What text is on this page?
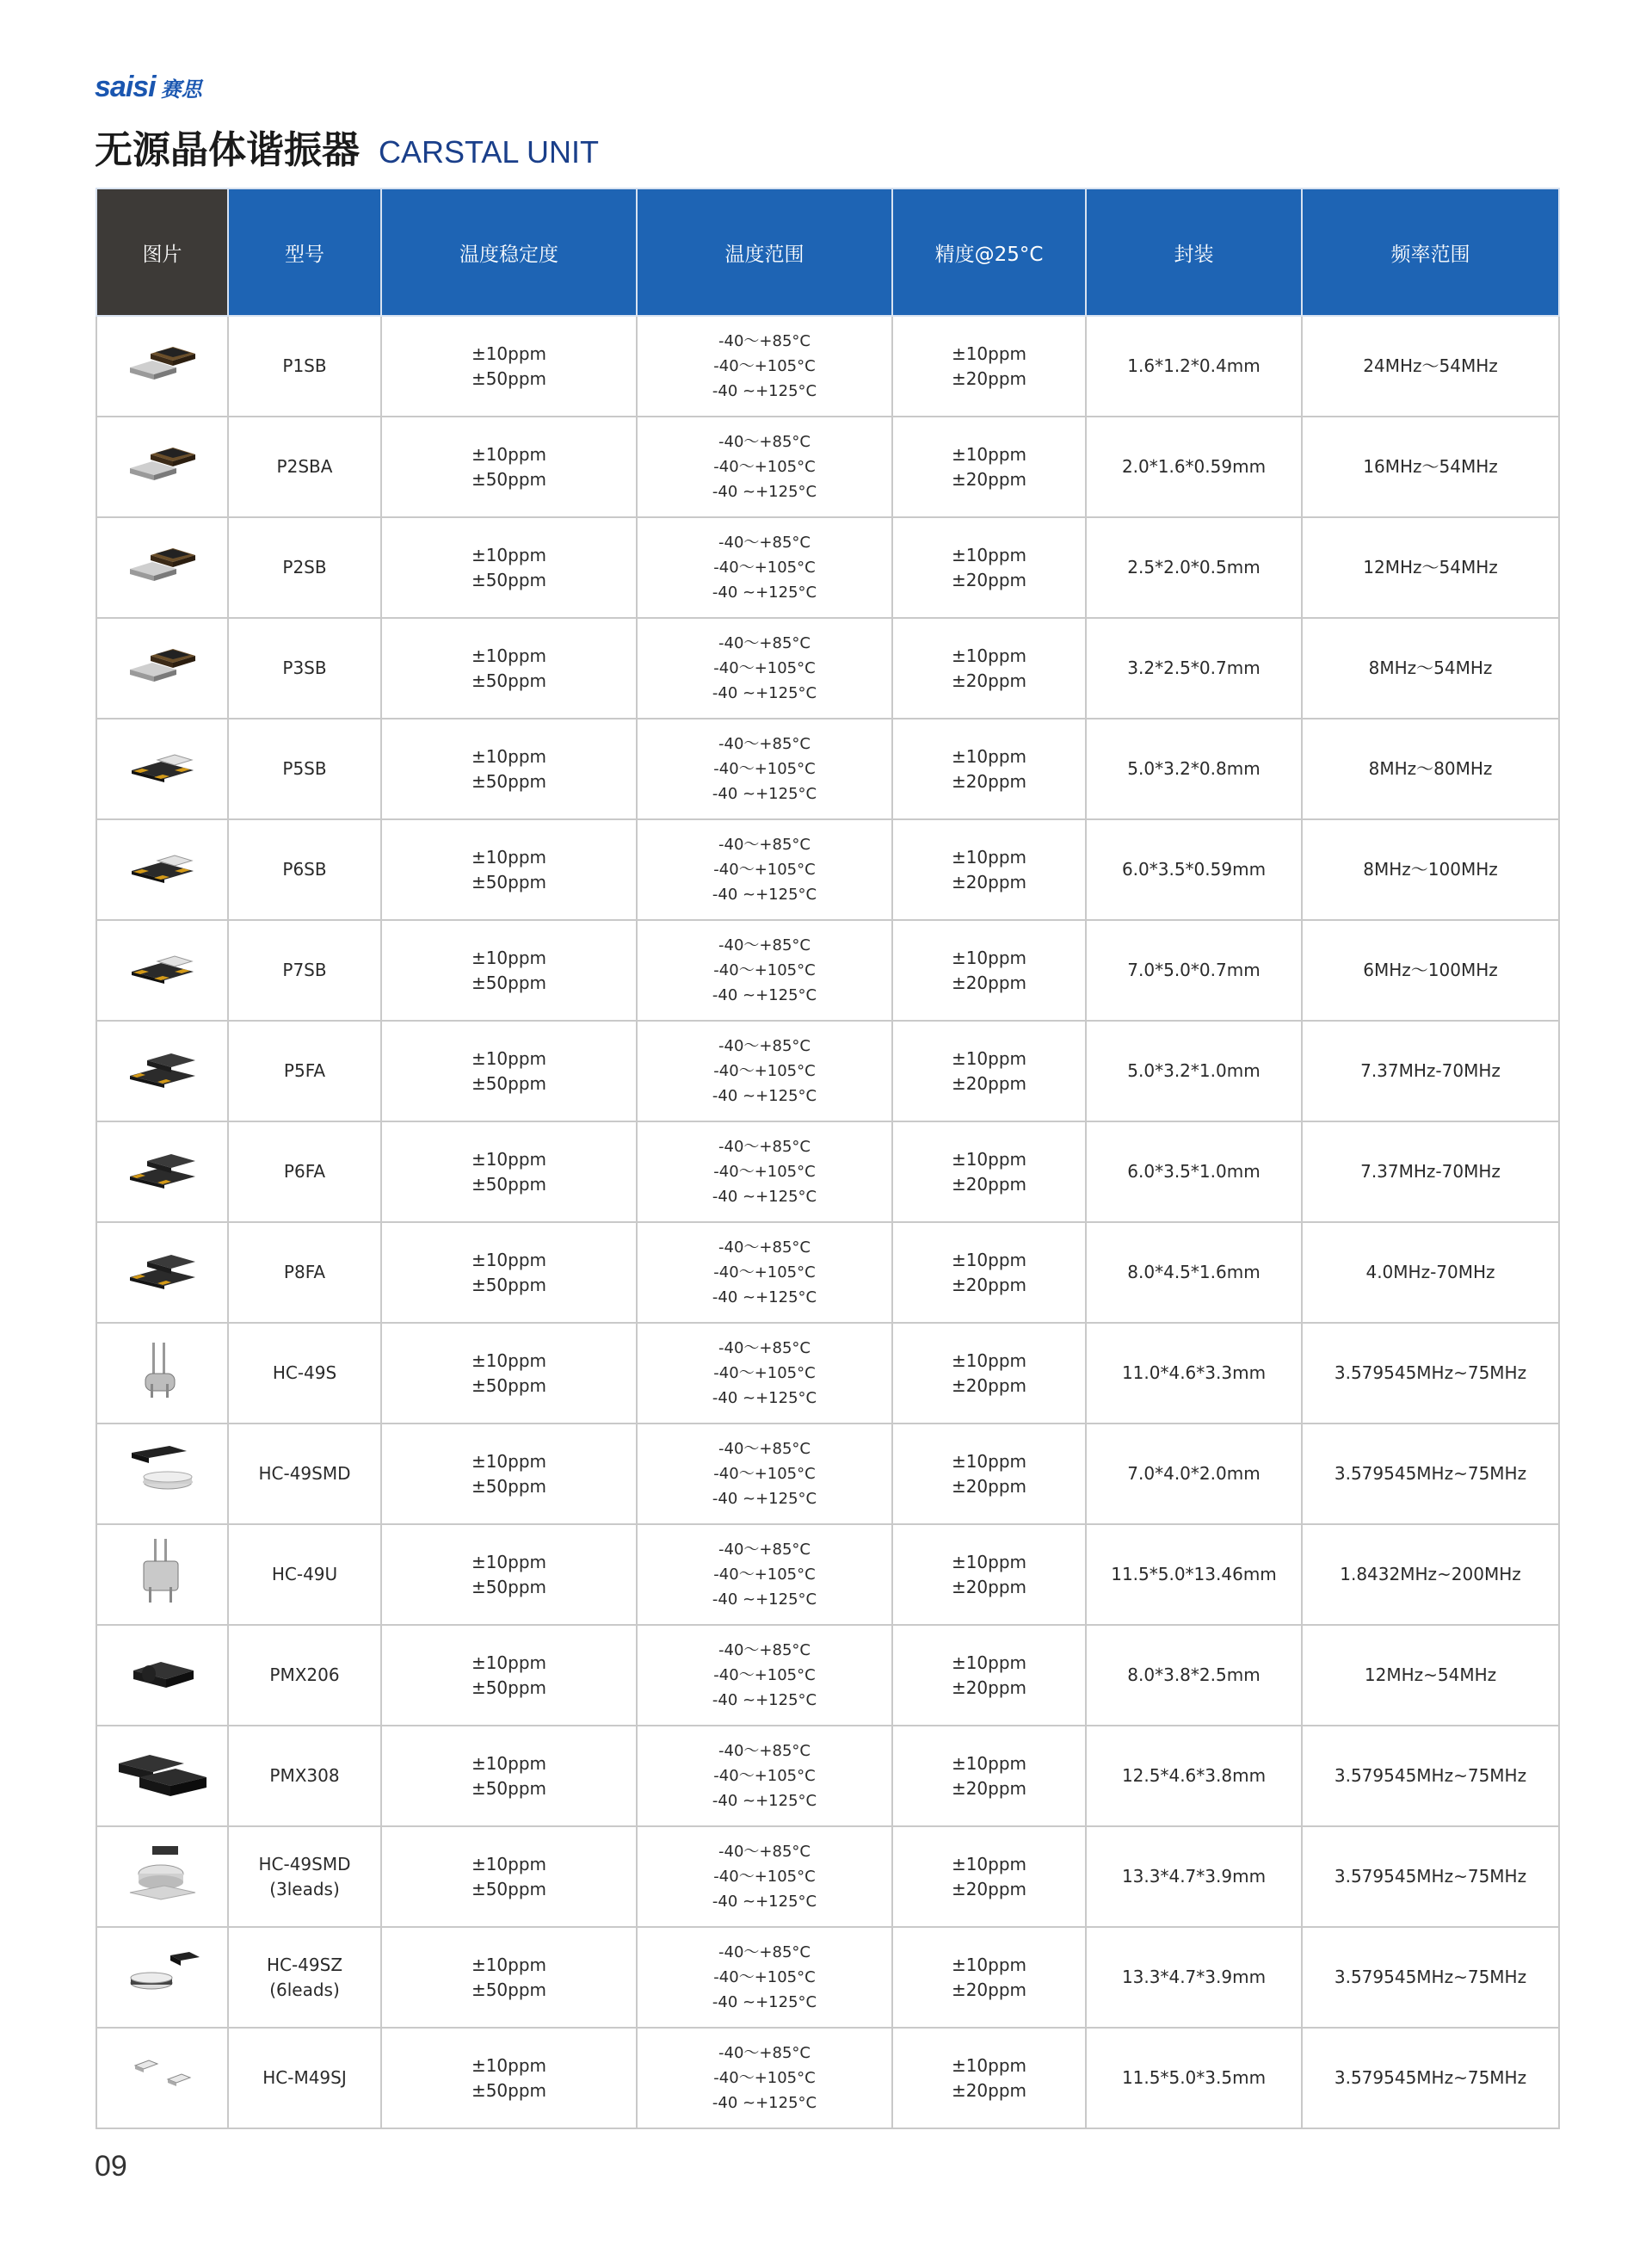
saisi 赛思
无源晶体谐振器 CARSTAL UNIT
图片	型号	温度稳定度	温度范围	精度@25°C	封装	频率范围

P1SB	±10ppm
±50ppm	-40～+85°C
-40～+105°C
-40 ~+125°C	±10ppm
±20ppm	1.6*1.2*0.4mm	24MHz～54MHz

P2SBA	±10ppm
±50ppm	-40～+85°C
-40～+105°C
-40 ~+125°C	±10ppm
±20ppm	2.0*1.6*0.59mm	16MHz～54MHz

P2SB	±10ppm
±50ppm	-40～+85°C
-40～+105°C
-40 ~+125°C	±10ppm
±20ppm	2.5*2.0*0.5mm	12MHz～54MHz

P3SB	±10ppm
±50ppm	-40～+85°C
-40～+105°C
-40 ~+125°C	±10ppm
±20ppm	3.2*2.5*0.7mm	8MHz～54MHz

P5SB	±10ppm
±50ppm	-40～+85°C
-40～+105°C
-40 ~+125°C	±10ppm
±20ppm	5.0*3.2*0.8mm	8MHz～80MHz

P6SB	±10ppm
±50ppm	-40～+85°C
-40～+105°C
-40 ~+125°C	±10ppm
±20ppm	6.0*3.5*0.59mm	8MHz～100MHz

P7SB	±10ppm
±50ppm	-40～+85°C
-40～+105°C
-40 ~+125°C	±10ppm
±20ppm	7.0*5.0*0.7mm	6MHz～100MHz

P5FA	±10ppm
±50ppm	-40～+85°C
-40～+105°C
-40 ~+125°C	±10ppm
±20ppm	5.0*3.2*1.0mm	7.37MHz-70MHz

P6FA	±10ppm
±50ppm	-40～+85°C
-40～+105°C
-40 ~+125°C	±10ppm
±20ppm	6.0*3.5*1.0mm	7.37MHz-70MHz

P8FA	±10ppm
±50ppm	-40～+85°C
-40～+105°C
-40 ~+125°C	±10ppm
±20ppm	8.0*4.5*1.6mm	4.0MHz-70MHz

HC-49S	±10ppm
±50ppm	-40～+85°C
-40～+105°C
-40 ~+125°C	±10ppm
±20ppm	11.0*4.6*3.3mm	3.579545MHz~75MHz

HC-49SMD	±10ppm
±50ppm	-40～+85°C
-40～+105°C
-40 ~+125°C	±10ppm
±20ppm	7.0*4.0*2.0mm	3.579545MHz~75MHz

HC-49U	±10ppm
±50ppm	-40～+85°C
-40～+105°C
-40 ~+125°C	±10ppm
±20ppm	11.5*5.0*13.46mm	1.8432MHz~200MHz

PMX206	±10ppm
±50ppm	-40～+85°C
-40～+105°C
-40 ~+125°C	±10ppm
±20ppm	8.0*3.8*2.5mm	12MHz~54MHz

PMX308	±10ppm
±50ppm	-40～+85°C
-40～+105°C
-40 ~+125°C	±10ppm
±20ppm	12.5*4.6*3.8mm	3.579545MHz~75MHz

HC-49SMD
(3leads)	±10ppm
±50ppm	-40～+85°C
-40～+105°C
-40 ~+125°C	±10ppm
±20ppm	13.3*4.7*3.9mm	3.579545MHz~75MHz

HC-49SZ
(6leads)	±10ppm
±50ppm	-40～+85°C
-40～+105°C
-40 ~+125°C	±10ppm
±20ppm	13.3*4.7*3.9mm	3.579545MHz~75MHz

HC-M49SJ	±10ppm
±50ppm	-40～+85°C
-40～+105°C
-40 ~+125°C	±10ppm
±20ppm	11.5*5.0*3.5mm	3.579545MHz~75MHz
09
